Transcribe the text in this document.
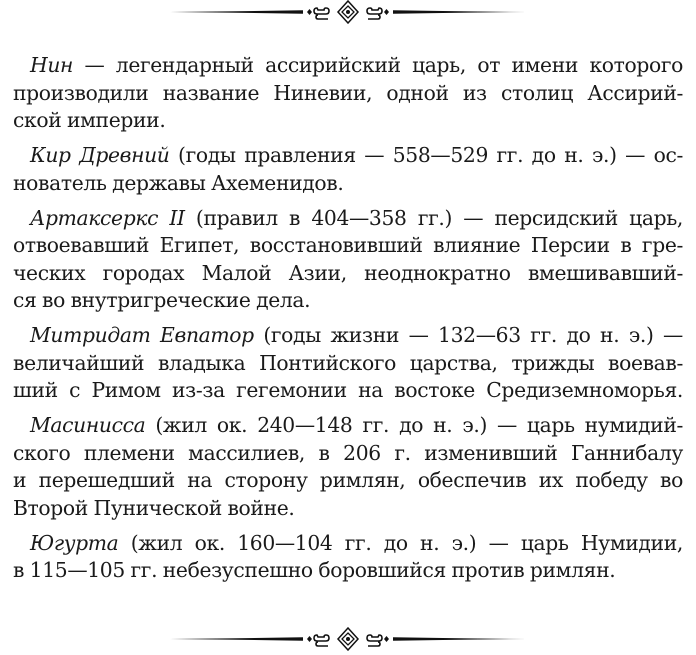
Нин — легендарный ассирийский царь, от имени которого
производили название Ниневии, одной из столиц Ассирий-
ской империи.

Кир Древний (годы правления — 558—529 гг. до н. э.) — ос-
нователь державы Ахеменидов.

Артаксеркс II (правил в 404—358 гг.) — персидский царь,
отвоевавший Египет, восстановивший влияние Персии в гре-
ческих городах Малой Азии, неоднократно вмешивавший-
ся во внутригреческие дела.

Митридат Евпатор (годы жизни — 132—63 гг. до н. э.) —
величайший владыка Понтийского царства, трижды воевав-
ший с Римом из-за гегемонии на востоке Средиземноморья.

Масинисса (жил ок. 240—148 гг. до н. э.) — царь нумидий-
ского племени массилиев, в 206 г. изменивший Ганнибалу
и перешедший на сторону римлян, обеспечив их победу во
Второй Пунической войне.

Югурта (жил ок. 160—104 гг. до н. э.) — царь Нумидии,
в 115—105 гг. небезуспешно боровшийся против римлян.
